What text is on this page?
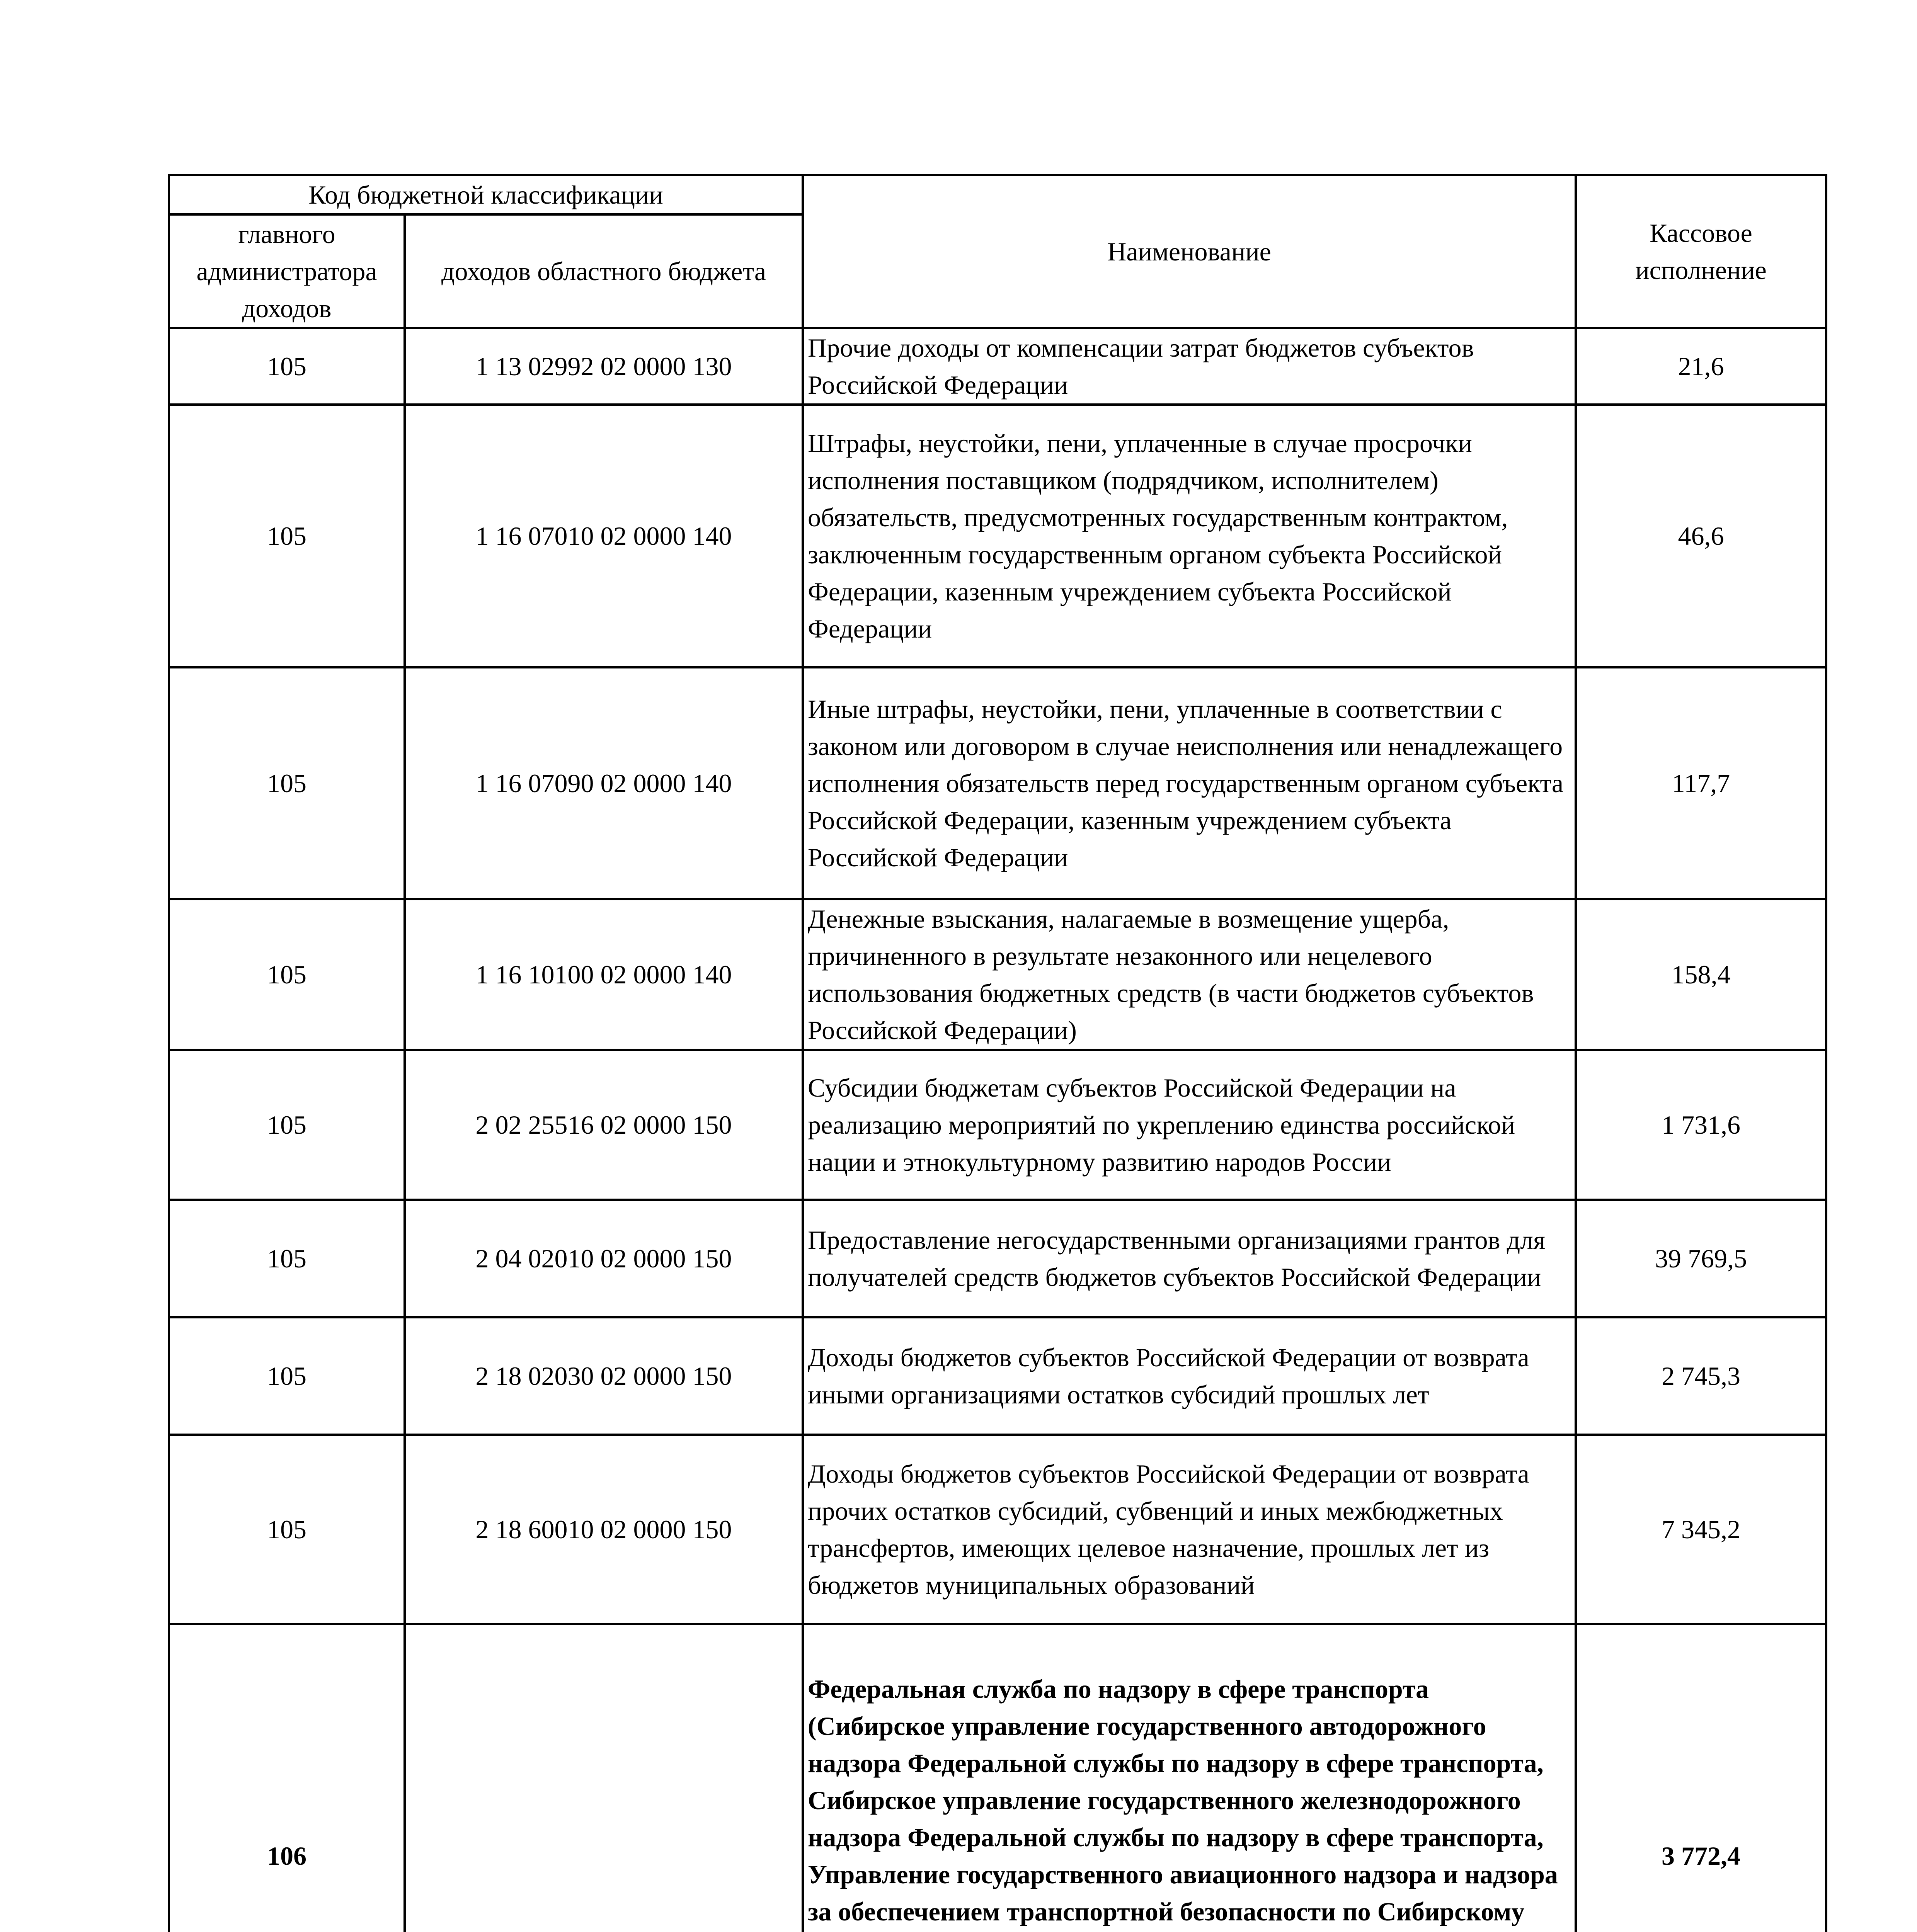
Код бюджетной классификации		Наименование	Кассовое исполнение
главного администратора доходов	доходов областного бюджета		
105	1 13 02992 02 0000 130	Прочие доходы от компенсации затрат бюджетов субъектов Российской Федерации	21,6
105	1 16 07010 02 0000 140	Штрафы, неустойки, пени, уплаченные в случае просрочки исполнения поставщиком (подрядчиком, исполнителем) обязательств, предусмотренных государственным контрактом, заключенным государственным органом субъекта Российской Федерации, казенным учреждением субъекта Российской Федерации	46,6
105	1 16 07090 02 0000 140	Иные штрафы, неустойки, пени, уплаченные в соответствии с законом или договором в случае неисполнения или ненадлежащего исполнения обязательств перед государственным органом субъекта Российской Федерации, казенным учреждением субъекта Российской Федерации	117,7
105	1 16 10100 02 0000 140	Денежные взыскания, налагаемые в возмещение ущерба, причиненного в результате незаконного или нецелевого использования бюджетных средств (в части бюджетов субъектов Российской Федерации)	158,4
105	2 02 25516 02 0000 150	Субсидии бюджетам субъектов Российской Федерации на реализацию мероприятий по укреплению единства российской нации и этнокультурному развитию народов России	1 731,6
105	2 04 02010 02 0000 150	Предоставление негосударственными организациями грантов для получателей средств бюджетов субъектов Российской Федерации	39 769,5
105	2 18 02030 02 0000 150	Доходы бюджетов субъектов Российской Федерации от возврата иными организациями остатков субсидий прошлых лет	2 745,3
105	2 18 60010 02 0000 150	Доходы бюджетов субъектов Российской Федерации от возврата прочих остатков субсидий, субвенций и иных межбюджетных трансфертов, имеющих целевое назначение, прошлых лет из бюджетов муниципальных образований	7 345,2
106		Федеральная служба по надзору в сфере транспорта (Сибирское управление государственного автодорожного надзора Федеральной службы по надзору в сфере транспорта, Сибирское управление государственного железнодорожного надзора Федеральной службы по надзору в сфере транспорта, Управление государственного авиационного надзора и надзора за обеспечением транспортной безопасности по Сибирскому	3 772,4
